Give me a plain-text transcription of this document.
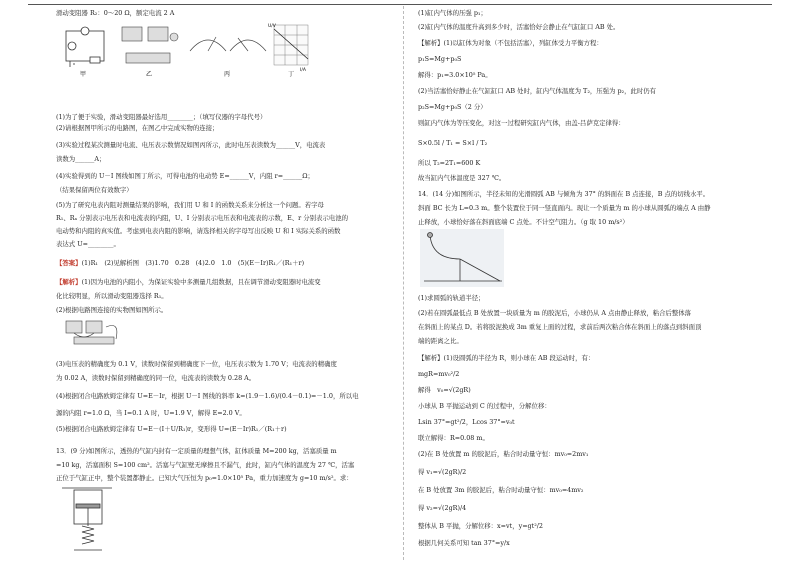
滑动变阻器 R₂：0～20 Ω，额定电流 2 A
甲	乙	丙	丁
U/V
I/A
(1)为了便于实验，滑动变阻器最好选用________；（填写仪器的字母代号）
(2)请根据图甲所示的电路图，在图乙中完成实物的连接；
(3)实验过程某次测量时电流、电压表示数情况如图丙所示，此时电压表读数为______V，电流表
读数为______A；
(4)实验得到的 U－I 图线如图丁所示，可得电池的电动势 E=______V，内阻 r=______Ω；
（结果保留两位有效数字）
(5)为了研究电表内阻对测量结果的影响，我们用 U 和 I 的函数关系来分析这一个问题。若字母
R₁、Rₐ 分别表示电压表和电流表的内阻，U、I 分别表示电压表和电流表的示数，E、r 分别表示电池的
电动势和内阻的真实值。考虑到电表内阻的影响，请选择相关的字母写出反映 U 和 I 实际关系的函数
表达式 U=________。
【答案】(1)R₁　(2)见解析图　(3)1.70　0.28　(4)2.0　1.0　(5)(E－Ir)R₁／(R₁＋r)
【解析】(1)因为电池的内阻小，为保证实验中多测量几组数据，且在调节滑动变阻器时电流变
化比较明显，所以滑动变阻器选择 R₁。
(2)根据电路图连接的实物图如图所示。
(3)电压表的精确度为 0.1 V，读数时保留到精确度下一位，电压表示数为 1.70 V；电流表的精确度
为 0.02 A，读数时保留到精确度的同一位，电流表的读数为 0.28 A。
(4)根据闭合电路欧姆定律有 U=E－Ir，根据 U－I 图线的斜率 k=(1.9－1.6)/(0.4－0.1)=－1.0，所以电
源的内阻 r=1.0 Ω，当 I=0.1 A 时，U=1.9 V，解得 E=2.0 V。
(5)根据闭合电路欧姆定律有 U=E－(I＋U/R₁)r，变形得 U=(E－Ir)R₁／(R₁＋r)
13．(9 分)如图所示，透热的气缸内封有一定质量的理想气体，缸体质量 M=200 kg，活塞质量 m
=10 kg，活塞面积 S=100 cm²。活塞与气缸壁无摩擦且不漏气，此时，缸内气体的温度为 27 ℃，活塞
正位于气缸正中，整个装置都静止。已知大气压恒为 p₀=1.0×10⁵ Pa，重力加速度为 g=10 m/s²。求：
(1)缸内气体的压强 p₁；
(2)缸内气体的温度升高到多少时，活塞恰好会静止在气缸缸口 AB 处。
【解析】(1)以缸体为对象（不包括活塞），列缸体受力平衡方程：
p₁S=Mg+p₀S
解得：p₁=3.0×10⁵ Pa。
(2)当活塞恰好静止在气缸缸口 AB 处时，缸内气体温度为 T₂，压强为 p₂，此时仍有
p₂S=Mg+p₀S（2 分）
则缸内气体为等压变化，对这一过程研究缸内气体，由盖-吕萨克定律得：
S×0.5l / T₁ = S×l / T₂
所以 T₂=2T₁=600 K
故当缸内气体温度是 327 ℃。
14．(14 分)如图所示，半径未知的光滑圆弧 AB 与倾角为 37° 的斜面在 B 点连接，B 点的切线水平。
斜面 BC 长为 L=0.3 m。整个装置位于同一竖直面内。现让一个质量为 m 的小球从圆弧的端点 A 由静
止释放，小球恰好落在斜面底端 C 点处。不计空气阻力。（g 取 10 m/s²）
(1)求圆弧的轨道半径；
(2)若在圆弧最低点 B 处放置一块质量为 m 的胶泥后，小球仍从 A 点由静止释放，粘合后整体落
在斜面上的某点 D。若将胶泥换成 3m 重复上面的过程，求前后两次粘合体在斜面上的落点到斜面顶
端的距离之比。
【解析】(1)设圆弧的半径为 R，则小球在 AB 段运动时，有：
mgR=mv₀²/2
解得　v₀=√(2gR)
小球从 B 平抛运动到 C 的过程中，分解位移：
Lsin 37°=gt²/2，Lcos 37°=v₀t
联立解得：R=0.08 m。
(2)在 B 处放置 m 的胶泥后，粘合时动量守恒：mv₀=2mv₁
得 v₁=√(2gR)/2
在 B 处放置 3m 的胶泥后，粘合时动量守恒：mv₀=4mv₂
得 v₂=√(2gR)/4
整体从 B 平抛，分解位移：x=vt，y=gt²/2
根据几何关系可知 tan 37°=y/x
